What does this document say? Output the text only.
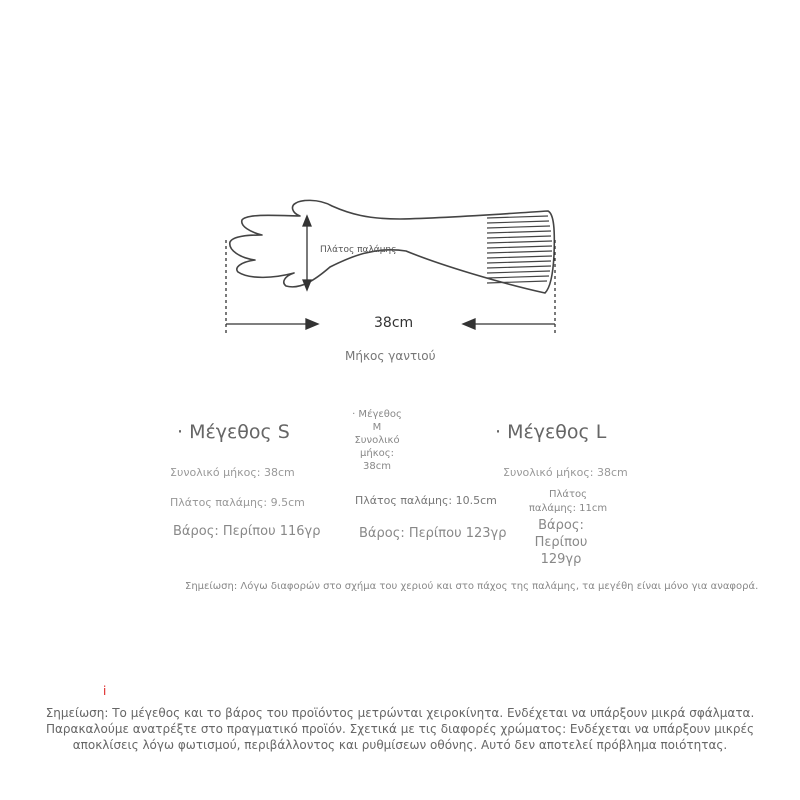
Πλάτος παλάμης
38cm
Μήκος γαντιού
· Μέγεθος S
Συνολικό μήκος: 38cm
Πλάτος παλάμης: 9.5cm
Βάρος: Περίπου 116γρ
· Μέγεθος
Μ
Συνολικό
μήκος:
38cm
Πλάτος παλάμης: 10.5cm
Βάρος: Περίπου 123γρ
· Μέγεθος L
Συνολικό μήκος: 38cm
Πλάτος
παλάμης: 11cm
Βάρος: Περίπου
129γρ
Σημείωση: Λόγω διαφορών στο σχήμα του χεριού και στο πάχος της παλάμης, τα μεγέθη είναι μόνο για αναφορά.
ⅰ
Σημείωση: Το μέγεθος και το βάρος του προϊόντος μετρώνται χειροκίνητα. Ενδέχεται να υπάρξουν μικρά σφάλματα.
Παρακαλούμε ανατρέξτε στο πραγματικό προϊόν. Σχετικά με τις διαφορές χρώματος: Ενδέχεται να υπάρξουν μικρές
αποκλίσεις λόγω φωτισμού, περιβάλλοντος και ρυθμίσεων οθόνης. Αυτό δεν αποτελεί πρόβλημα ποιότητας.
